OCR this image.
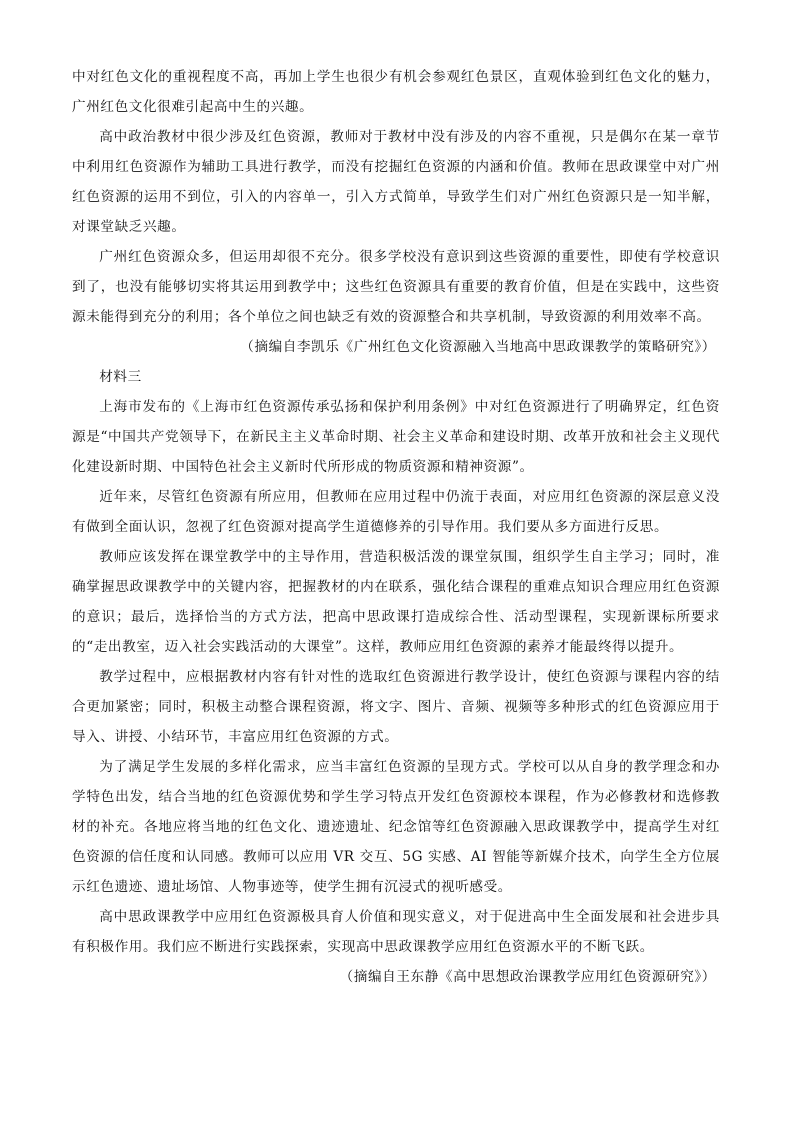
中对红色文化的重视程度不高，再加上学生也很少有机会参观红色景区，直观体验到红色文化的魅力，广州红色文化很难引起高中生的兴趣。

高中政治教材中很少涉及红色资源，教师对于教材中没有涉及的内容不重视，只是偶尔在某一章节中利用红色资源作为辅助工具进行教学，而没有挖掘红色资源的内涵和价值。教师在思政课堂中对广州红色资源的运用不到位，引入的内容单一，引入方式简单，导致学生们对广州红色资源只是一知半解，对课堂缺乏兴趣。

广州红色资源众多，但运用却很不充分。很多学校没有意识到这些资源的重要性，即使有学校意识到了，也没有能够切实将其运用到教学中；这些红色资源具有重要的教育价值，但是在实践中，这些资源未能得到充分的利用；各个单位之间也缺乏有效的资源整合和共享机制，导致资源的利用效率不高。

（摘编自李凯乐《广州红色文化资源融入当地高中思政课教学的策略研究》）

材料三

上海市发布的《上海市红色资源传承弘扬和保护利用条例》中对红色资源进行了明确界定，红色资源是“中国共产党领导下，在新民主主义革命时期、社会主义革命和建设时期、改革开放和社会主义现代化建设新时期、中国特色社会主义新时代所形成的物质资源和精神资源”。

近年来，尽管红色资源有所应用，但教师在应用过程中仍流于表面，对应用红色资源的深层意义没有做到全面认识，忽视了红色资源对提高学生道德修养的引导作用。我们要从多方面进行反思。

教师应该发挥在课堂教学中的主导作用，营造积极活泼的课堂氛围，组织学生自主学习；同时，准确掌握思政课教学中的关键内容，把握教材的内在联系，强化结合课程的重难点知识合理应用红色资源的意识；最后，选择恰当的方式方法，把高中思政课打造成综合性、活动型课程，实现新课标所要求的“走出教室，迈入社会实践活动的大课堂”。这样，教师应用红色资源的素养才能最终得以提升。

教学过程中，应根据教材内容有针对性的选取红色资源进行教学设计，使红色资源与课程内容的结合更加紧密；同时，积极主动整合课程资源，将文字、图片、音频、视频等多种形式的红色资源应用于导入、讲授、小结环节，丰富应用红色资源的方式。

为了满足学生发展的多样化需求，应当丰富红色资源的呈现方式。学校可以从自身的教学理念和办学特色出发，结合当地的红色资源优势和学生学习特点开发红色资源校本课程，作为必修教材和选修教材的补充。各地应将当地的红色文化、遗迹遗址、纪念馆等红色资源融入思政课教学中，提高学生对红色资源的信任度和认同感。教师可以应用 VR 交互、5G 实感、AI 智能等新媒介技术，向学生全方位展示红色遗迹、遗址场馆、人物事迹等，使学生拥有沉浸式的视听感受。

高中思政课教学中应用红色资源极具育人价值和现实意义，对于促进高中生全面发展和社会进步具有积极作用。我们应不断进行实践探索，实现高中思政课教学应用红色资源水平的不断飞跃。

（摘编自王东静《高中思想政治课教学应用红色资源研究》）
